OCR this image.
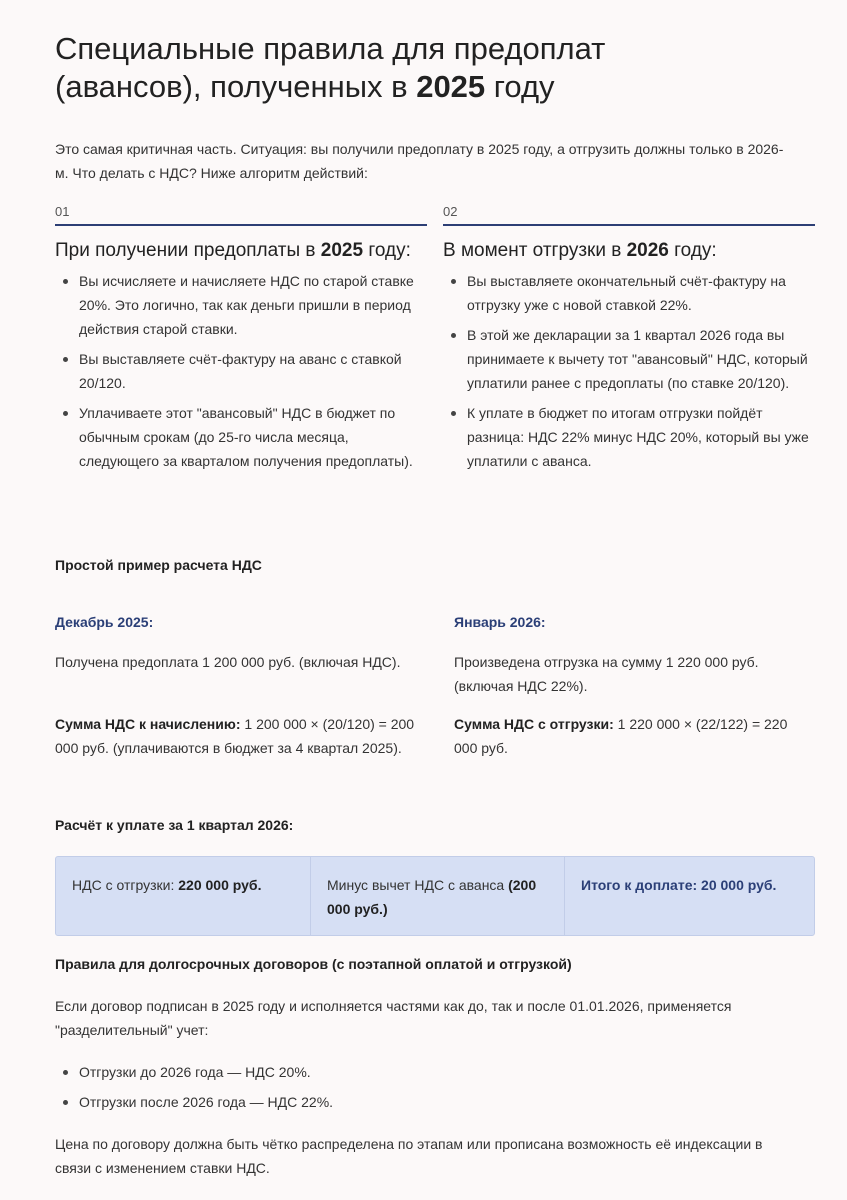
Специальные правила для предоплат (авансов), полученных в 2025 году

Это самая критичная часть. Ситуация: вы получили предоплату в 2025 году, а отгрузить должны только в 2026-м. Что делать с НДС? Ниже алгоритм действий:

01
При получении предоплаты в 2025 году:
Вы исчисляете и начисляете НДС по старой ставке 20%. Это логично, так как деньги пришли в период действия старой ставки.
Вы выставляете счёт-фактуру на аванс с ставкой 20/120.
Уплачиваете этот "авансовый" НДС в бюджет по обычным срокам (до 25-го числа месяца, следующего за кварталом получения предоплаты).
02
В момент отгрузки в 2026 году:
Вы выставляете окончательный счёт-фактуру на отгрузку уже с новой ставкой 22%.
В этой же декларации за 1 квартал 2026 года вы принимаете к вычету тот "авансовый" НДС, который уплатили ранее с предоплаты (по ставке 20/120).
К уплате в бюджет по итогам отгрузки пойдёт разница: НДС 22% минус НДС 20%, который вы уже уплатили с аванса.
Простой пример расчета НДС
Декабрь 2025:

Получена предоплата 1 200 000 руб. (включая НДС).

Сумма НДС к начислению: 1 200 000 × (20/120) = 200 000 руб. (уплачиваются в бюджет за 4 квартал 2025).

Январь 2026:

Произведена отгрузка на сумму 1 220 000 руб. (включая НДС 22%).

Сумма НДС с отгрузки: 1 220 000 × (22/122) = 220 000 руб.

Расчёт к уплате за 1 квартал 2026:
НДС с отгрузки: 220 000 руб.	Минус вычет НДС с аванса (200 000 руб.)
Итого к доплате: 20 000 руб.
Правила для долгосрочных договоров (с поэтапной оплатой и отгрузкой)

Если договор подписан в 2025 году и исполняется частями как до, так и после 01.01.2026, применяется "разделительный" учет:

Отгрузки до 2026 года — НДС 20%.
Отгрузки после 2026 года — НДС 22%.

Цена по договору должна быть чётко распределена по этапам или прописана возможность её индексации в связи с изменением ставки НДС.
